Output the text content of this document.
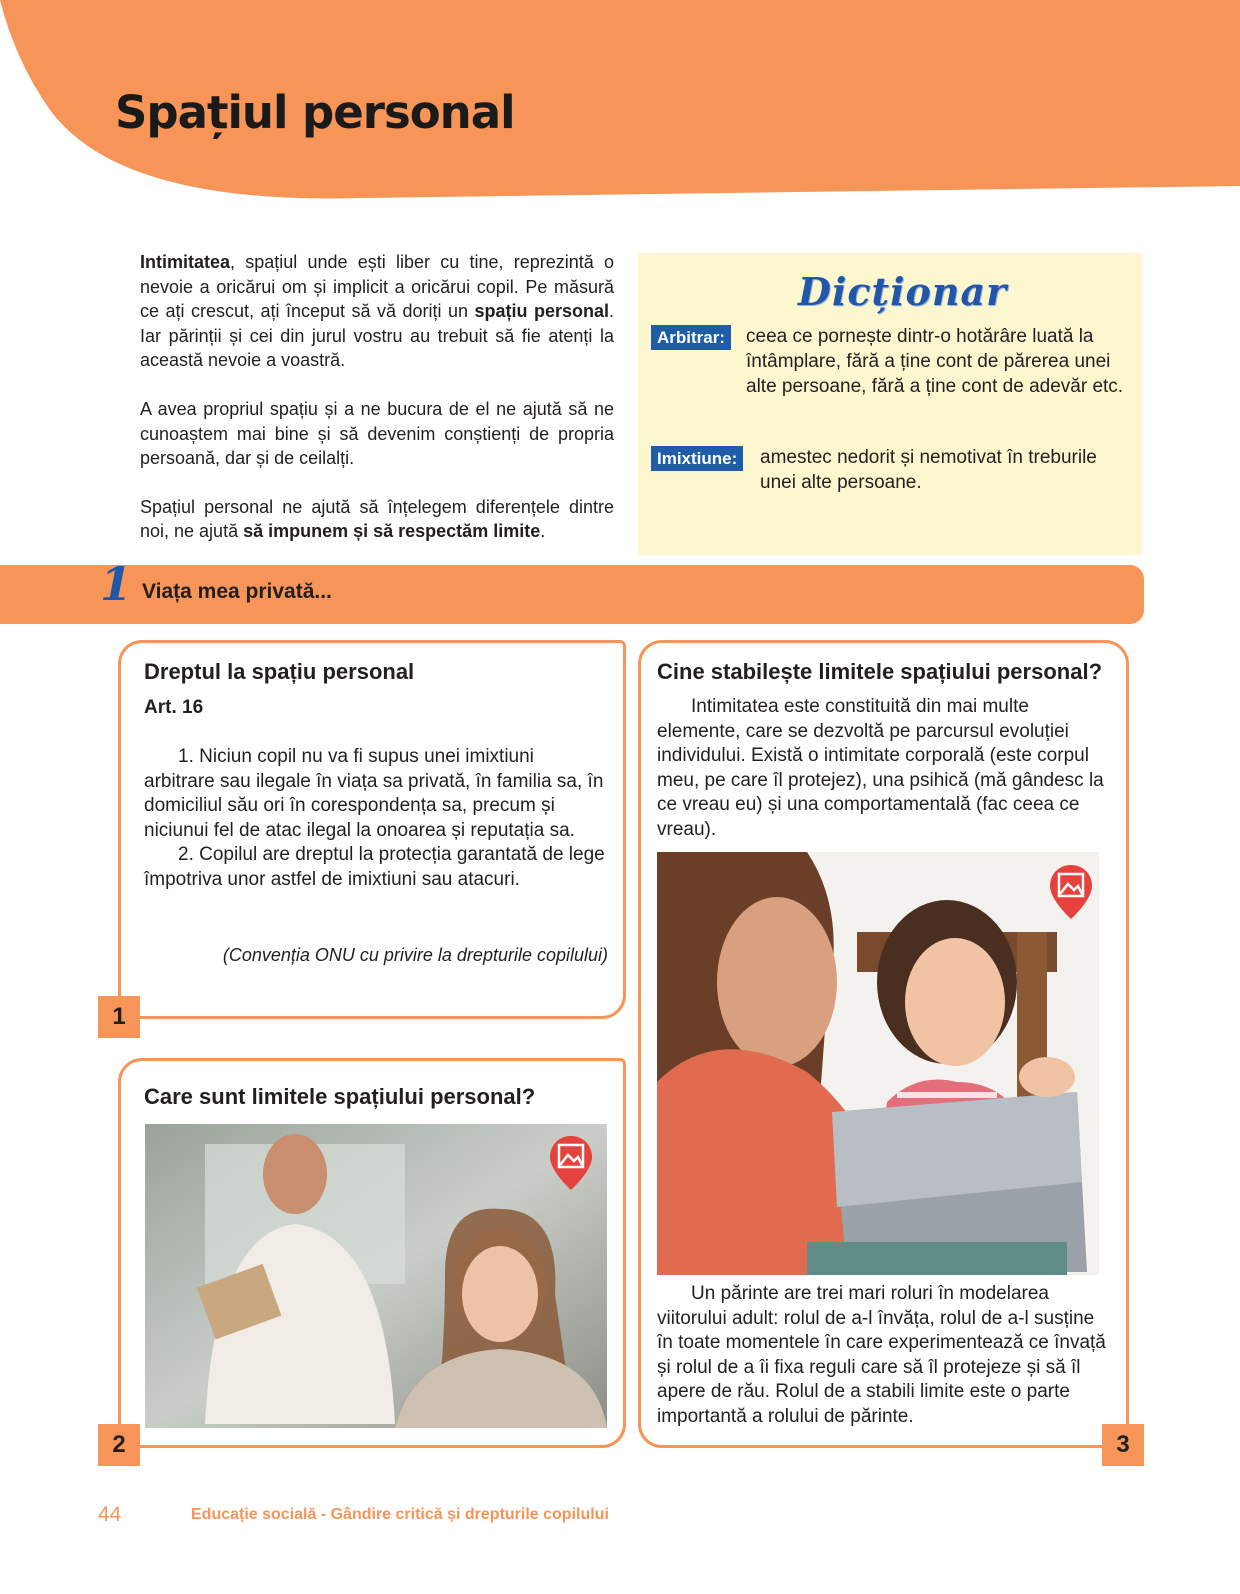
Spațiul personal

Intimitatea, spațiul unde ești liber cu tine, reprezintă o nevoie a oricărui om și implicit a oricărui copil. Pe măsură ce ați crescut, ați început să vă doriți un spațiu personal. Iar părinții și cei din jurul vostru au trebuit să fie atenți la această nevoie a voastră.

A avea propriul spațiu și a ne bucura de el ne ajută să ne cunoaștem mai bine și să devenim conștienți de propria persoană, dar și de ceilalți.

Spațiul personal ne ajută să înțelegem diferențele dintre noi, ne ajută să impunem și să respectăm limite.

Dicționar
Arbitrar:	ceea ce pornește dintr-o hotărâre luată la întâmplare, fără a ține cont de părerea unei alte persoane, fără a ține cont de adevăr etc.
Imixtiune:	amestec nedorit și nemotivat în treburile unei alte persoane.
1 Viața mea privată...
Dreptul la spațiu personal
Art. 16

1. Niciun copil nu va fi supus unei imixtiuni arbitrare sau ilegale în viața sa privată, în familia sa, în domiciliul său ori în corespondența sa, precum și niciunui fel de atac ilegal la onoarea și reputația sa.

2. Copilul are dreptul la protecția garantată de lege împotriva unor astfel de imixtiuni sau atacuri.

(Convenția ONU cu privire la drepturile copilului)
1
Care sunt limitele spațiului personal?
2
Cine stabilește limitele spațiului personal?

Intimitatea este constituită din mai multe elemente, care se dezvoltă pe parcursul evoluției individului. Există o intimitate corporală (este corpul meu, pe care îl protejez), una psihică (mă gândesc la ce vreau eu) și una comportamentală (fac ceea ce vreau).

Un părinte are trei mari roluri în modelarea viitorului adult: rolul de a-l învăța, rolul de a-l susține în toate momentele în care experimentează ce învață și rolul de a îi fixa reguli care să îl protejeze și să îl apere de rău. Rolul de a stabili limite este o parte importantă a rolului de părinte.

3
44	Educație socială - Gândire critică și drepturile copilului
